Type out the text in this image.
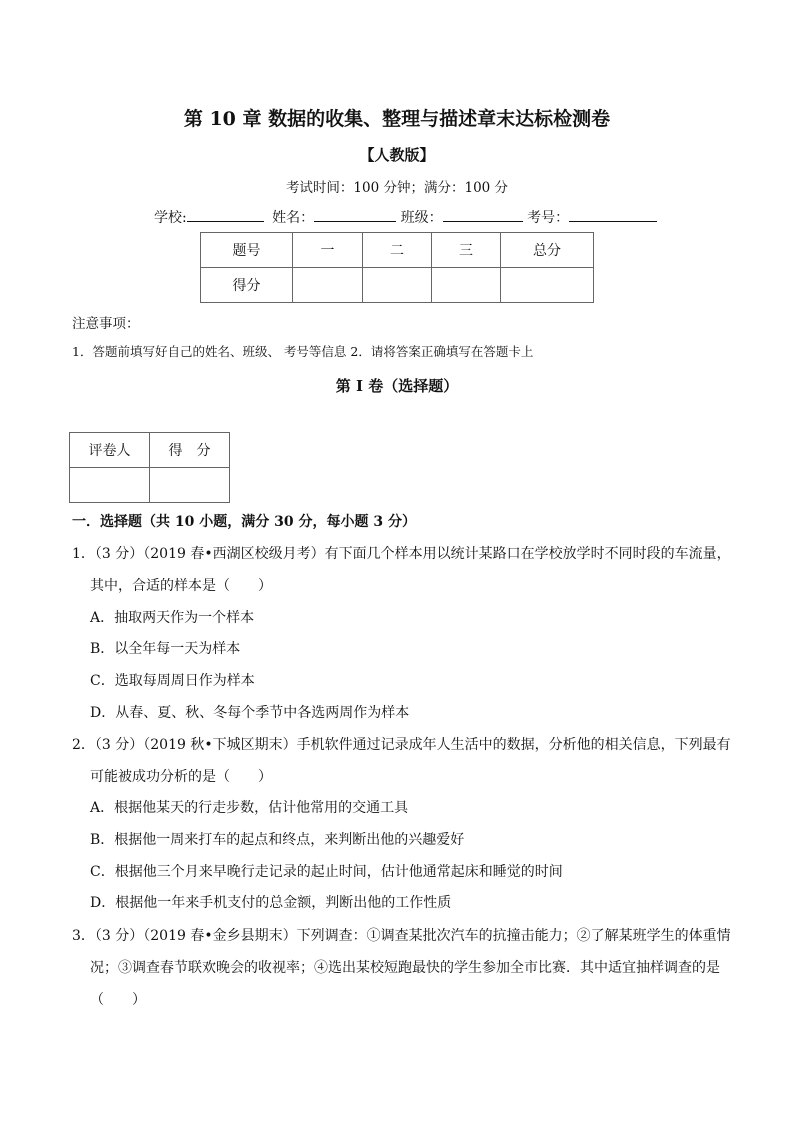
第 10 章 数据的收集、整理与描述章末达标检测卷
【人教版】
考试时间：100 分钟；满分：100 分
学校:	姓名：	班级：	考号：
题号	一	二	三	总分
得分				
注意事项：
1．答题前填写好自己的姓名、班级、 考号等信息 2．请将答案正确填写在答题卡上
第 I 卷（选择题）
评卷人	得　分

一．选择题（共 10 小题，满分 30 分，每小题 3 分）
1．（3 分）（2019 春•西湖区校级月考）有下面几个样本用以统计某路口在学校放学时不同时段的车流量，
其中，合适的样本是（　　）
A．抽取两天作为一个样本
B．以全年每一天为样本
C．选取每周周日作为样本
D．从春、夏、秋、冬每个季节中各选两周作为样本
2．（3 分）（2019 秋•下城区期末）手机软件通过记录成年人生活中的数据，分析他的相关信息，下列最有
可能被成功分析的是（　　）
A．根据他某天的行走步数，估计他常用的交通工具
B．根据他一周来打车的起点和终点，来判断出他的兴趣爱好
C．根据他三个月来早晚行走记录的起止时间，估计他通常起床和睡觉的时间
D．根据他一年来手机支付的总金额，判断出他的工作性质
3．（3 分）（2019 春•金乡县期末）下列调查：①调查某批次汽车的抗撞击能力；②了解某班学生的体重情
况；③调查春节联欢晚会的收视率；④选出某校短跑最快的学生参加全市比赛．其中适宜抽样调查的是
（　　）
